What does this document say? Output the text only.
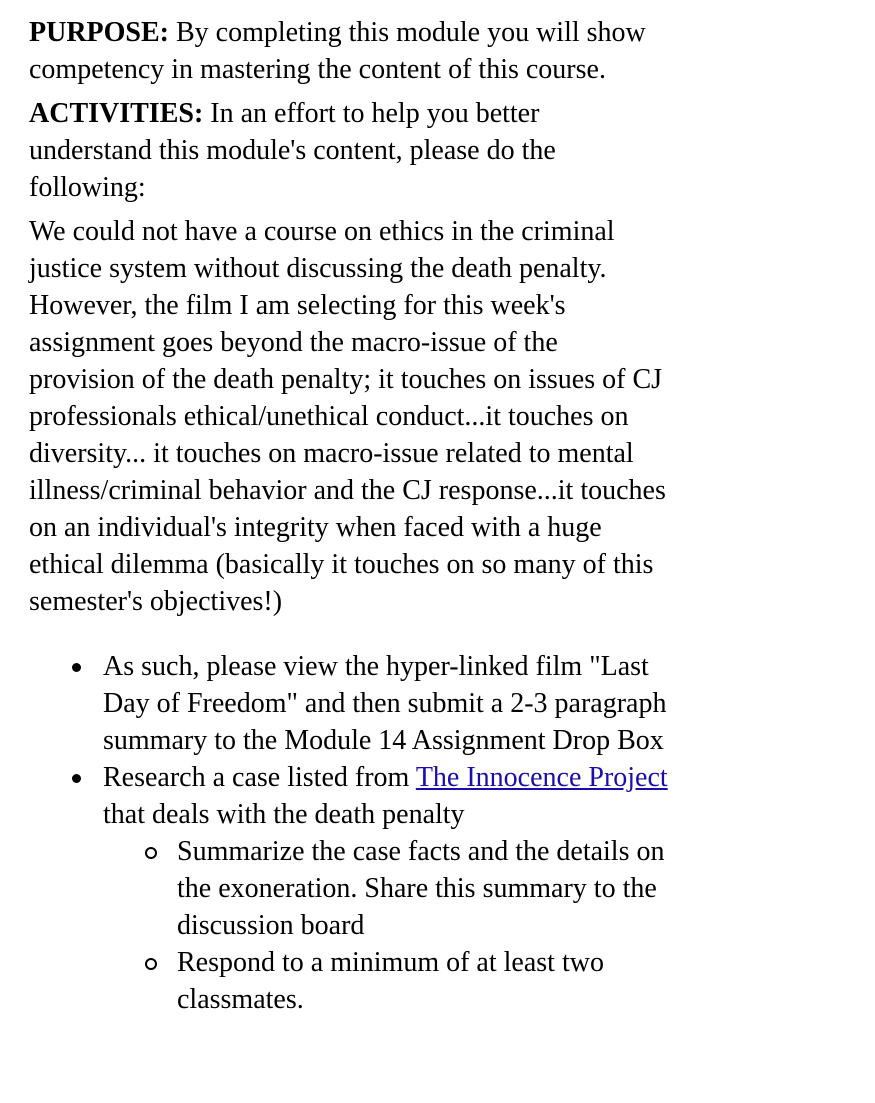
PURPOSE: By completing this module you will show competency in mastering the content of this course.

ACTIVITIES: In an effort to help you better understand this module's content, please do the following:

We could not have a course on ethics in the criminal justice system without discussing the death penalty. However, the film I am selecting for this week's assignment goes beyond the macro-issue of the provision of the death penalty; it touches on issues of CJ professionals ethical/unethical conduct...it touches on diversity... it touches on macro-issue related to mental illness/criminal behavior and the CJ response...it touches on an individual's integrity when faced with a huge ethical dilemma (basically it touches on so many of this semester's objectives!)

As such, please view the hyper-linked film "Last Day of Freedom" and then submit a 2-3 paragraph summary to the Module 14 Assignment Drop Box
Research a case listed from The Innocence Project that deals with the death penalty
Summarize the case facts and the details on the exoneration. Share this summary to the discussion board
Respond to a minimum of at least two classmates.
